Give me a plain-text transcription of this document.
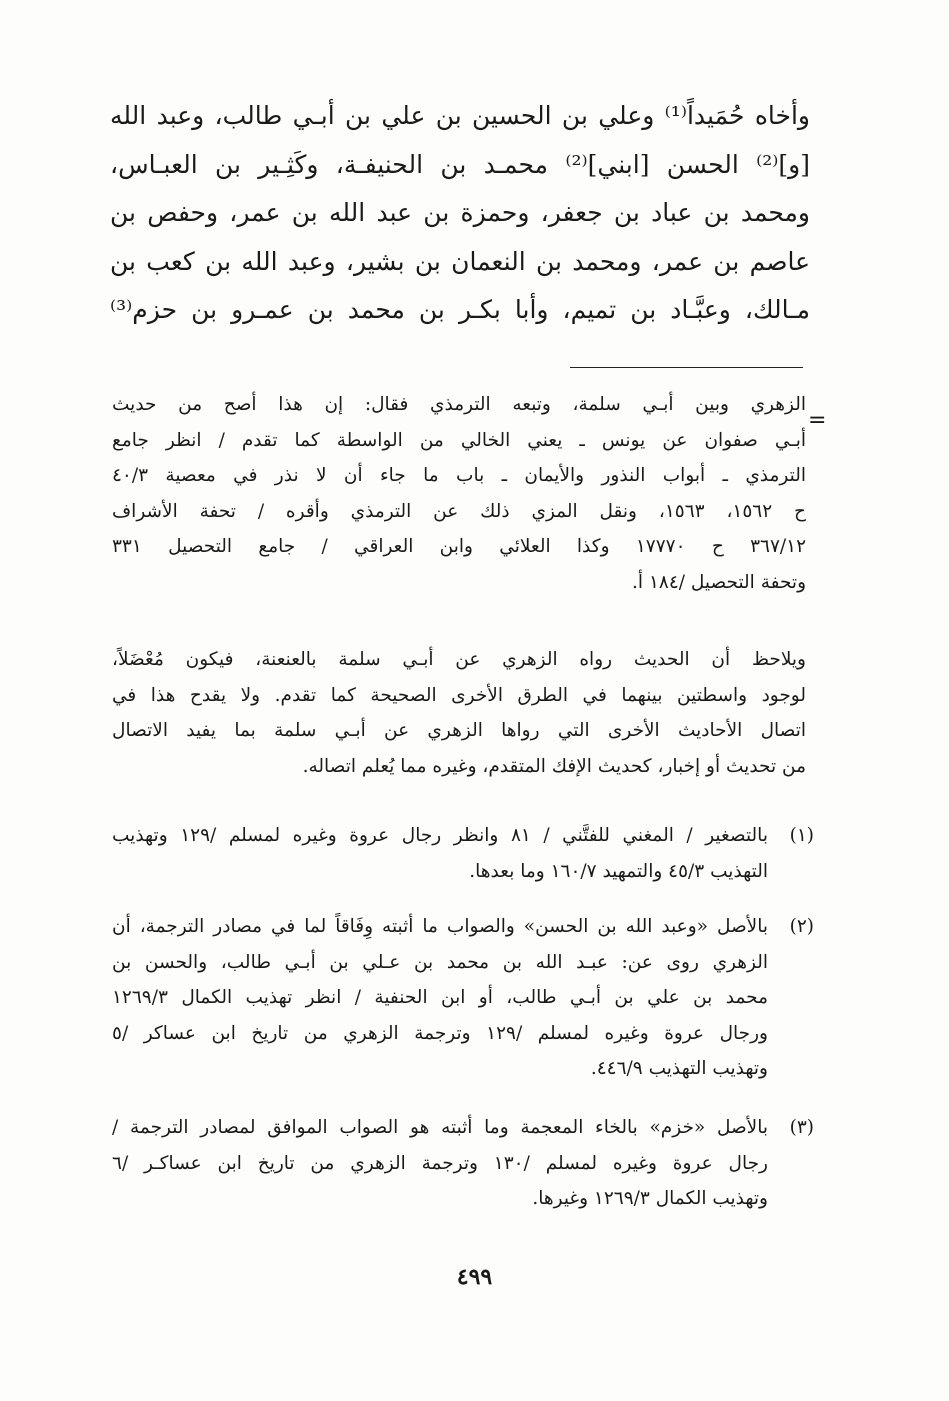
وأخاه حُمَيداً⁽¹⁾ وعلي بن الحسين بن علي بن أبـي طالب، وعبد الله
[و]⁽²⁾ الحسن [ابني]⁽²⁾ محمـد بن الحنيفـة، وكَثِـير بن العبـاس،
ومحمد بن عباد بن جعفر، وحمزة بن عبد الله بن عمر، وحفص بن
عاصم بن عمر، ومحمد بن النعمان بن بشير، وعبد الله بن كعب بن
مـالك، وعبَّـاد بن تميم، وأبا بكـر بن محمد بن عمـرو بن حزم⁽³⁾
=
الزهري وبين أبـي سلمة، وتبعه الترمذي فقال: إن هذا أصح من حديث
أبـي صفوان عن يونس ـ يعني الخالي من الواسطة كما تقدم / انظر جامع
الترمذي ـ أبواب النذور والأيمان ـ باب ما جاء أن لا نذر في معصية ٤٠/٣
ح ١٥٦٢، ١٥٦٣، ونقل المزي ذلك عن الترمذي وأقره / تحفة الأشراف
٣٦٧/١٢ ح ١٧٧٧٠ وكذا العلائي وابن العراقي / جامع التحصيل ٣٣١
وتحفة التحصيل /١٨٤ أ.
ويلاحظ أن الحديث رواه الزهري عن أبـي سلمة بالعنعنة، فيكون مُعْضَلاً،
لوجود واسطتين بينهما في الطرق الأخرى الصحيحة كما تقدم. ولا يقدح هذا في
اتصال الأحاديث الأخرى التي رواها الزهري عن أبـي سلمة بما يفيد الاتصال
من تحديث أو إخبار، كحديث الإفك المتقدم، وغيره مما يُعلم اتصاله.
(١)
بالتصغير / المغني للفتَّني / ٨١ وانظر رجال عروة وغيره لمسلم /١٢٩ وتهذيب
التهذيب ٤٥/٣ والتمهيد ١٦٠/٧ وما بعدها.
(٢)
بالأصل «وعبد الله بن الحسن» والصواب ما أثبته وِفَاقاً لما في مصادر الترجمة، أن
الزهري روى عن: عبـد الله بن محمد بن عـلي بن أبـي طالب، والحسن بن
محمد بن علي بن أبـي طالب، أو ابن الحنفية / انظر تهذيب الكمال ١٢٦٩/٣
ورجال عروة وغيره لمسلم /١٢٩ وترجمة الزهري من تاريخ ابن عساكر /٥
وتهذيب التهذيب ٤٤٦/٩.
(٣)
بالأصل «خزم» بالخاء المعجمة وما أثبته هو الصواب الموافق لمصادر الترجمة /
رجال عروة وغيره لمسلم /١٣٠ وترجمة الزهري من تاريخ ابن عساكـر /٦
وتهذيب الكمال ١٢٦٩/٣ وغيرها.
٤٩٩
